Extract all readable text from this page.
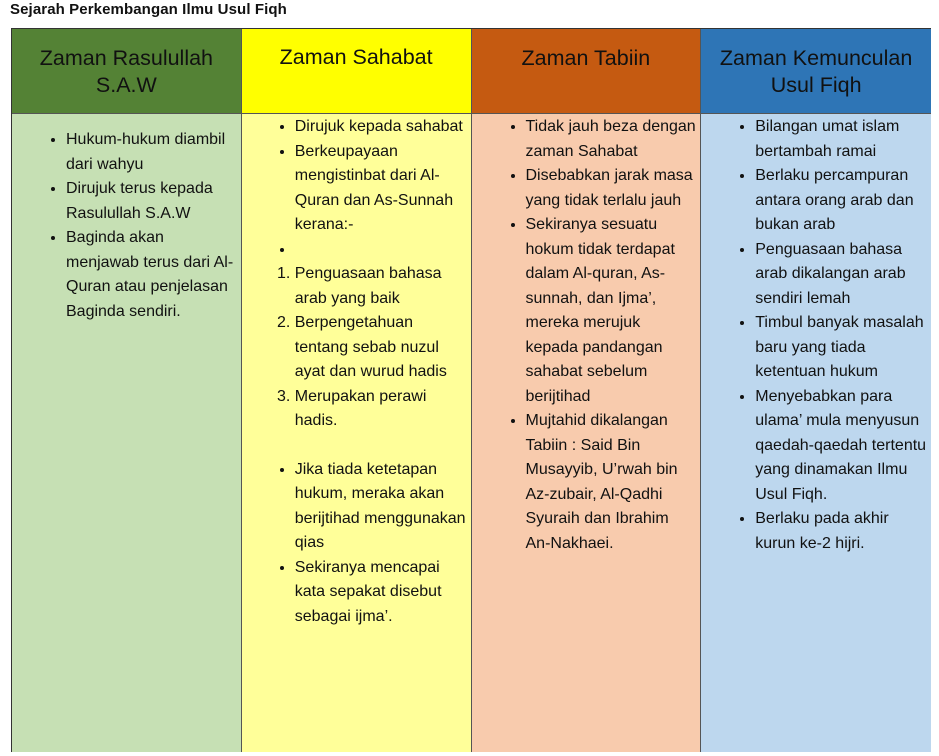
Sejarah Perkembangan Ilmu Usul Fiqh
Zaman Rasulullah S.A.W
• Hukum-hukum diambil dari wahyu
• Dirujuk terus kepada Rasulullah S.A.W
• Baginda akan menjawab terus dari Al-Quran atau penjelasan Baginda sendiri.
Zaman Sahabat
• Dirujuk kepada sahabat
• Berkeupayaan mengistinbat dari Al-Quran dan As-Sunnah kerana:-
•
1. Penguasaan bahasa arab yang baik
2. Berpengetahuan tentang sebab nuzul ayat dan wurud hadis
3. Merupakan perawi hadis.
• Jika tiada ketetapan hukum, meraka akan berijtihad menggunakan qias
• Sekiranya mencapai kata sepakat disebut sebagai ijma’.
Zaman Tabiin
• Tidak jauh beza dengan zaman Sahabat
• Disebabkan jarak masa yang tidak terlalu jauh
• Sekiranya sesuatu hokum tidak terdapat dalam Al-quran, As-sunnah, dan Ijma’, mereka merujuk kepada pandangan sahabat sebelum berijtihad
• Mujtahid dikalangan Tabiin : Said Bin Musayyib, U’rwah bin Az-zubair, Al-Qadhi Syuraih dan Ibrahim An-Nakhaei.
Zaman Kemunculan Usul Fiqh
• Bilangan umat islam bertambah ramai
• Berlaku percampuran antara orang arab dan bukan arab
• Penguasaan bahasa arab dikalangan arab sendiri lemah
• Timbul banyak masalah baru yang tiada ketentuan hukum
• Menyebabkan para ulama’ mula menyusun qaedah-qaedah tertentu yang dinamakan Ilmu Usul Fiqh.
• Berlaku pada akhir kurun ke-2 hijri.
